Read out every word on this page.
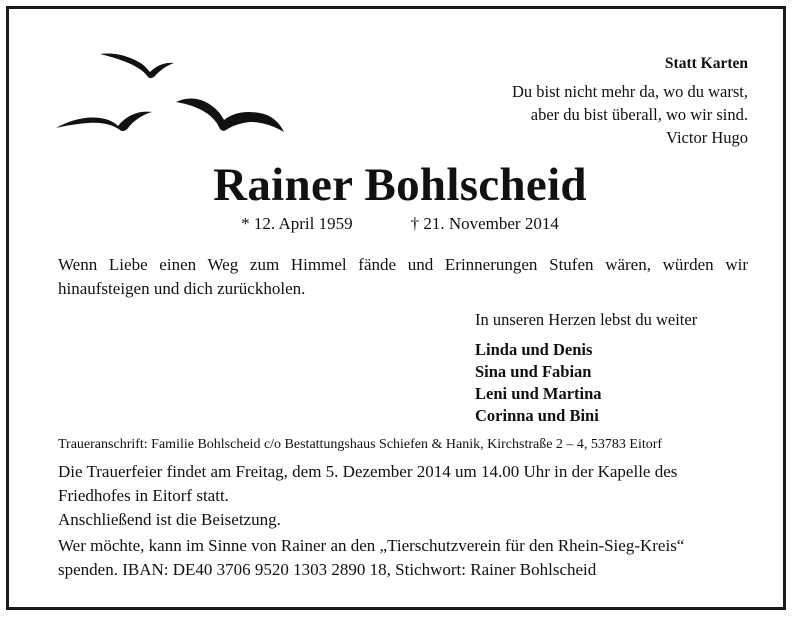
Statt Karten
Du bist nicht mehr da, wo du warst,
aber du bist überall, wo wir sind.
Victor Hugo
Rainer Bohlscheid
* 12. April 1959	† 21. November 2014
Wenn Liebe einen Weg zum Himmel fände und Erinnerungen Stufen wären, würden wir hinaufsteigen und dich zurückholen.
In unseren Herzen lebst du weiter
Linda und Denis
Sina und Fabian
Leni und Martina
Corinna und Bini
Traueranschrift: Familie Bohlscheid c/o Bestattungshaus Schiefen & Hanik, Kirchstraße 2 – 4, 53783 Eitorf
Die Trauerfeier findet am Freitag, dem 5. Dezember 2014 um 14.00 Uhr in der Kapelle des Friedhofes in Eitorf statt.
Anschließend ist die Beisetzung.
Wer möchte, kann im Sinne von Rainer an den „Tierschutzverein für den Rhein-Sieg-Kreis“ spenden. IBAN: DE40 3706 9520 1303 2890 18, Stichwort: Rainer Bohlscheid
